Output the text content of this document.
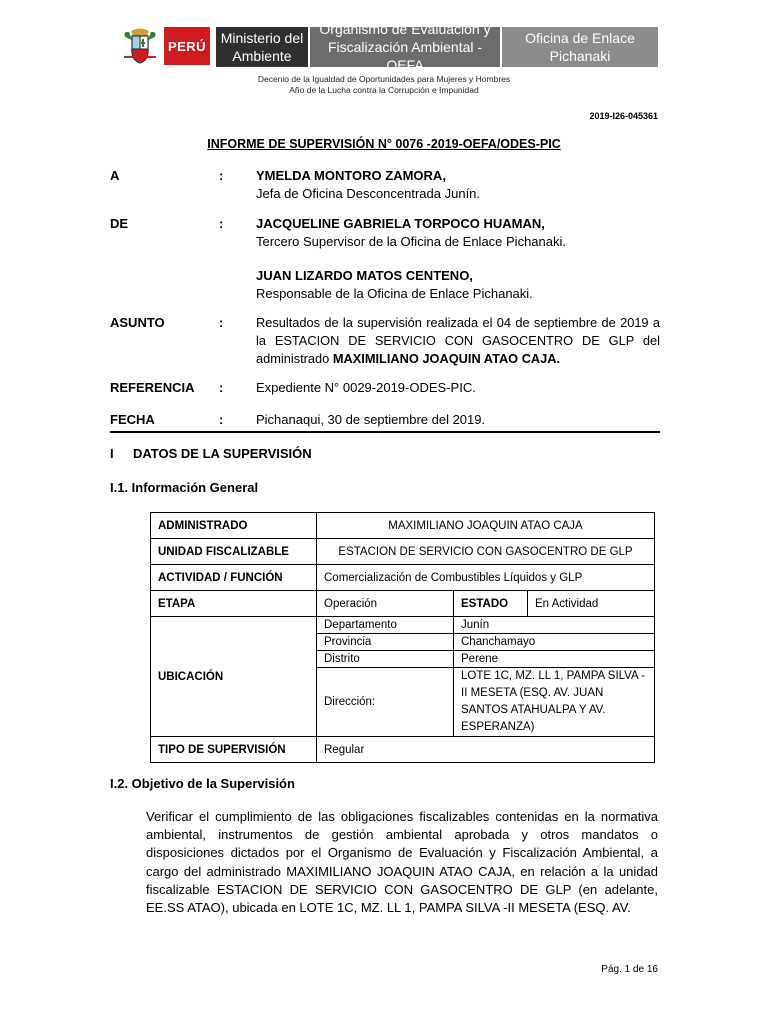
PERÚ Ministerio del
Ambiente
Organismo de Evaluación y
Fiscalización Ambiental - OEFA
Oficina de Enlace
Pichanaki
Decenio de la Igualdad de Oportunidades para Mujeres y Hombres
Año de la Lucha contra la Corrupción e Impunidad
2019-I26-045361
INFORME DE SUPERVISIÓN N° 0076 -2019-OEFA/ODES-PIC
A	:	YMELDA MONTORO ZAMORA,
Jefa de Oficina Desconcentrada Junín.
DE	:	JACQUELINE GABRIELA TORPOCO HUAMAN,
Tercero Supervisor de la Oficina de Enlace Pichanaki.
JUAN LIZARDO MATOS CENTENO,
Responsable de la Oficina de Enlace Pichanaki.
ASUNTO	:	Resultados de la supervisión realizada el 04 de septiembre de 2019 a la ESTACION DE SERVICIO CON GASOCENTRO DE GLP del administrado MAXIMILIANO JOAQUIN ATAO CAJA.
REFERENCIA :	Expediente N° 0029-2019-ODES-PIC.
FECHA	:	Pichanaqui, 30 de septiembre del 2019.
I DATOS DE LA SUPERVISIÓN
I.1. Información General
ADMINISTRADO	MAXIMILIANO JOAQUIN ATAO CAJA		
UNIDAD FISCALIZABLE	ESTACION DE SERVICIO CON GASOCENTRO DE GLP		
ACTIVIDAD / FUNCIÓN	Comercialización de Combustibles Líquidos y GLP		
ETAPA	Operación	ESTADO	En Actividad
UBICACIÓN	Departamento	Junín	
	Provincia	Chanchamayo	
	Distrito	Perene	
	Dirección:	LOTE 1C, MZ. LL 1, PAMPA SILVA - II MESETA (ESQ. AV. JUAN SANTOS ATAHUALPA Y AV. ESPERANZA)	
TIPO DE SUPERVISIÓN	Regular		
I.2. Objetivo de la Supervisión
Verificar el cumplimiento de las obligaciones fiscalizables contenidas en la normativa ambiental, instrumentos de gestión ambiental aprobada y otros mandatos o disposiciones dictados por el Organismo de Evaluación y Fiscalización Ambiental, a cargo del administrado MAXIMILIANO JOAQUIN ATAO CAJA, en relación a la unidad fiscalizable ESTACION DE SERVICIO CON GASOCENTRO DE GLP (en adelante, EE.SS ATAO), ubicada en LOTE 1C, MZ. LL 1, PAMPA SILVA -II MESETA (ESQ. AV.
Pág. 1 de 16
